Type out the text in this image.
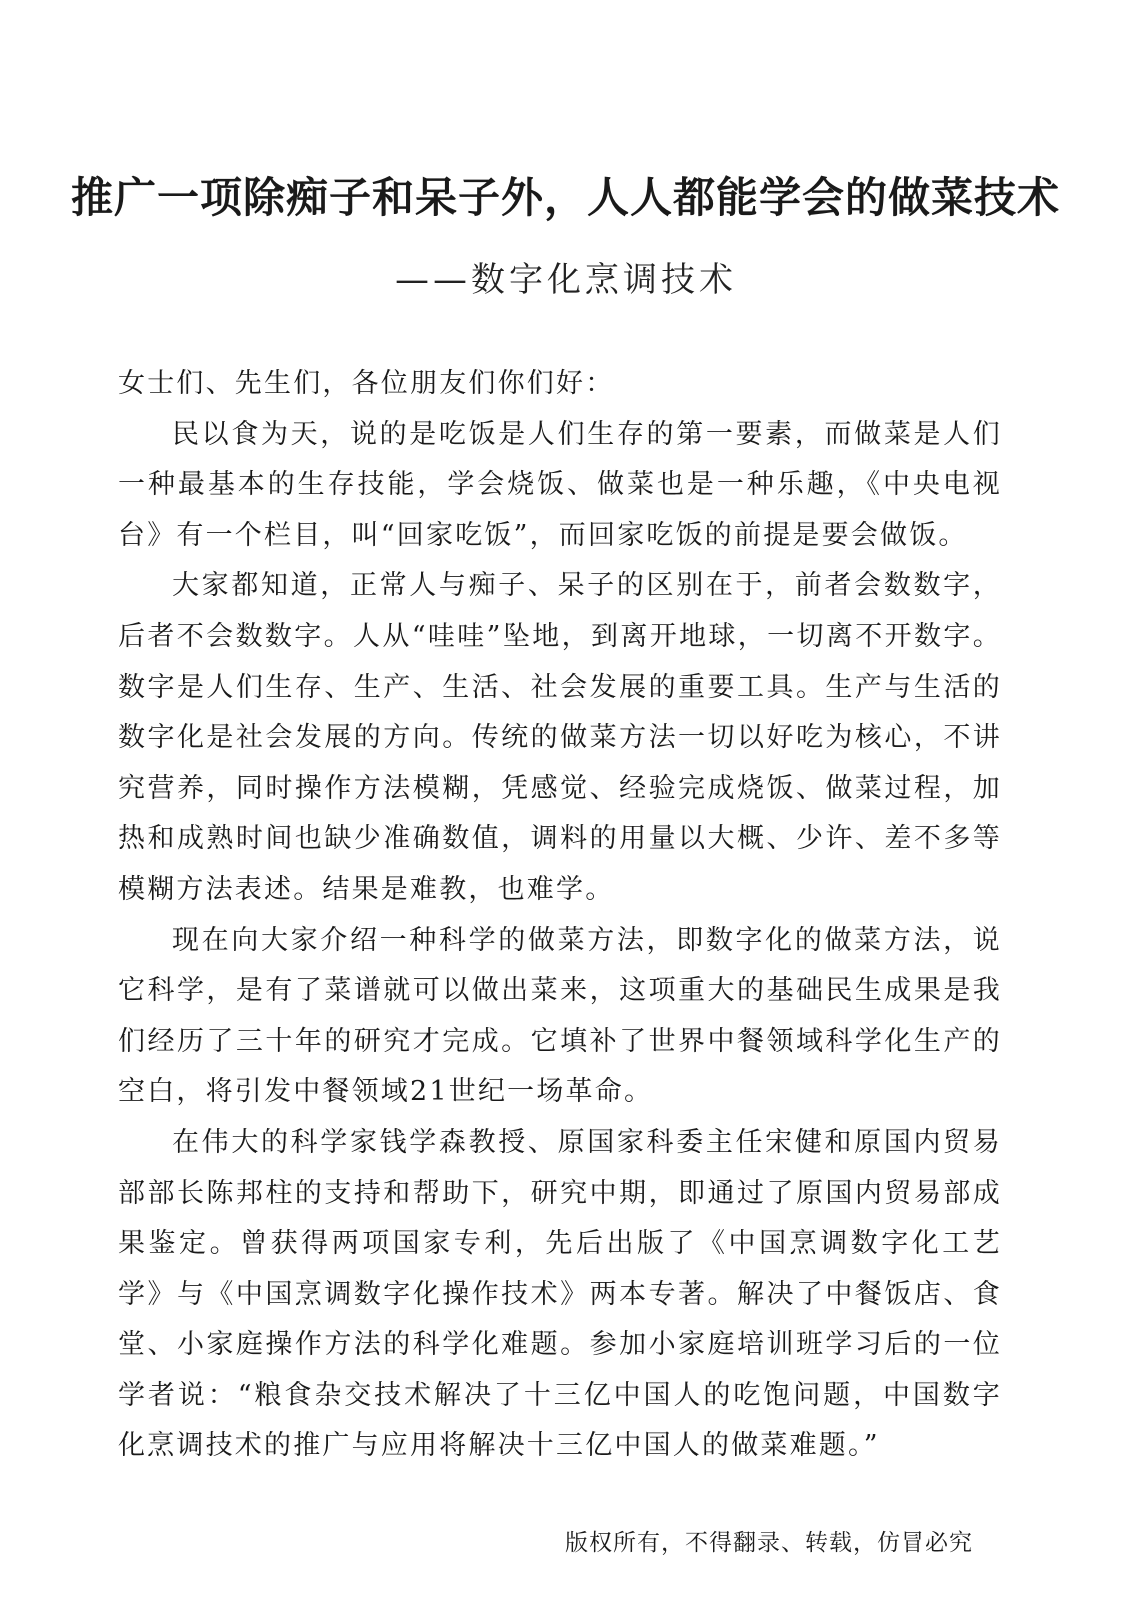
推广一项除痴子和呆子外，人人都能学会的做菜技术
——数字化烹调技术

女士们、先生们，各位朋友们你们好：

民以食为天，说的是吃饭是人们生存的第一要素，而做菜是人们一种最基本的生存技能，学会烧饭、做菜也是一种乐趣，《中央电视台》有一个栏目，叫“回家吃饭”，而回家吃饭的前提是要会做饭。

大家都知道，正常人与痴子、呆子的区别在于，前者会数数字，后者不会数数字。人从“哇哇”坠地，到离开地球，一切离不开数字。数字是人们生存、生产、生活、社会发展的重要工具。生产与生活的数字化是社会发展的方向。传统的做菜方法一切以好吃为核心，不讲究营养，同时操作方法模糊，凭感觉、经验完成烧饭、做菜过程，加热和成熟时间也缺少准确数值，调料的用量以大概、少许、差不多等模糊方法表述。结果是难教，也难学。

现在向大家介绍一种科学的做菜方法，即数字化的做菜方法，说它科学，是有了菜谱就可以做出菜来，这项重大的基础民生成果是我们经历了三十年的研究才完成。它填补了世界中餐领域科学化生产的空白，将引发中餐领域21世纪一场革命。

在伟大的科学家钱学森教授、原国家科委主任宋健和原国内贸易部部长陈邦柱的支持和帮助下，研究中期，即通过了原国内贸易部成果鉴定。曾获得两项国家专利，先后出版了《中国烹调数字化工艺学》与《中国烹调数字化操作技术》两本专著。解决了中餐饭店、食堂、小家庭操作方法的科学化难题。参加小家庭培训班学习后的一位学者说：“粮食杂交技术解决了十三亿中国人的吃饱问题，中国数字化烹调技术的推广与应用将解决十三亿中国人的做菜难题。”

版权所有，不得翻录、转载，仿冒必究
